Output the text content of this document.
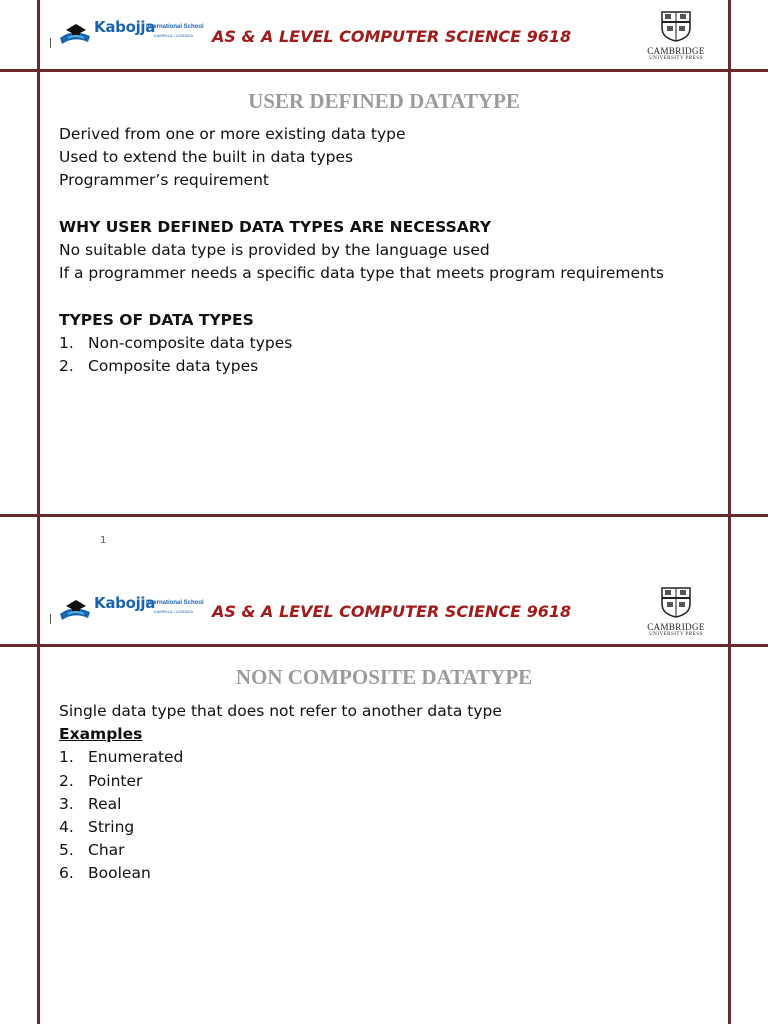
Kabojja
International School
KAMPALA - UGANDA AS & A LEVEL COMPUTER SCIENCE 9618
CAMBRIDGE
UNIVERSITY PRESS
USER DEFINED DATATYPE
Derived from one or more existing data type
Used to extend the built in data types
Programmer’s requirement
WHY USER DEFINED DATA TYPES ARE NECESSARY
No suitable data type is provided by the language used
If a programmer needs a specific data type that meets program requirements
TYPES OF DATA TYPES
1. Non-composite data types
2. Composite data types
1
Kabojja
International School
KAMPALA - UGANDA AS & A LEVEL COMPUTER SCIENCE 9618
CAMBRIDGE
UNIVERSITY PRESS
NON COMPOSITE DATATYPE
Single data type that does not refer to another data type
Examples
1. Enumerated
2. Pointer
3. Real
4. String
5. Char
6. Boolean
